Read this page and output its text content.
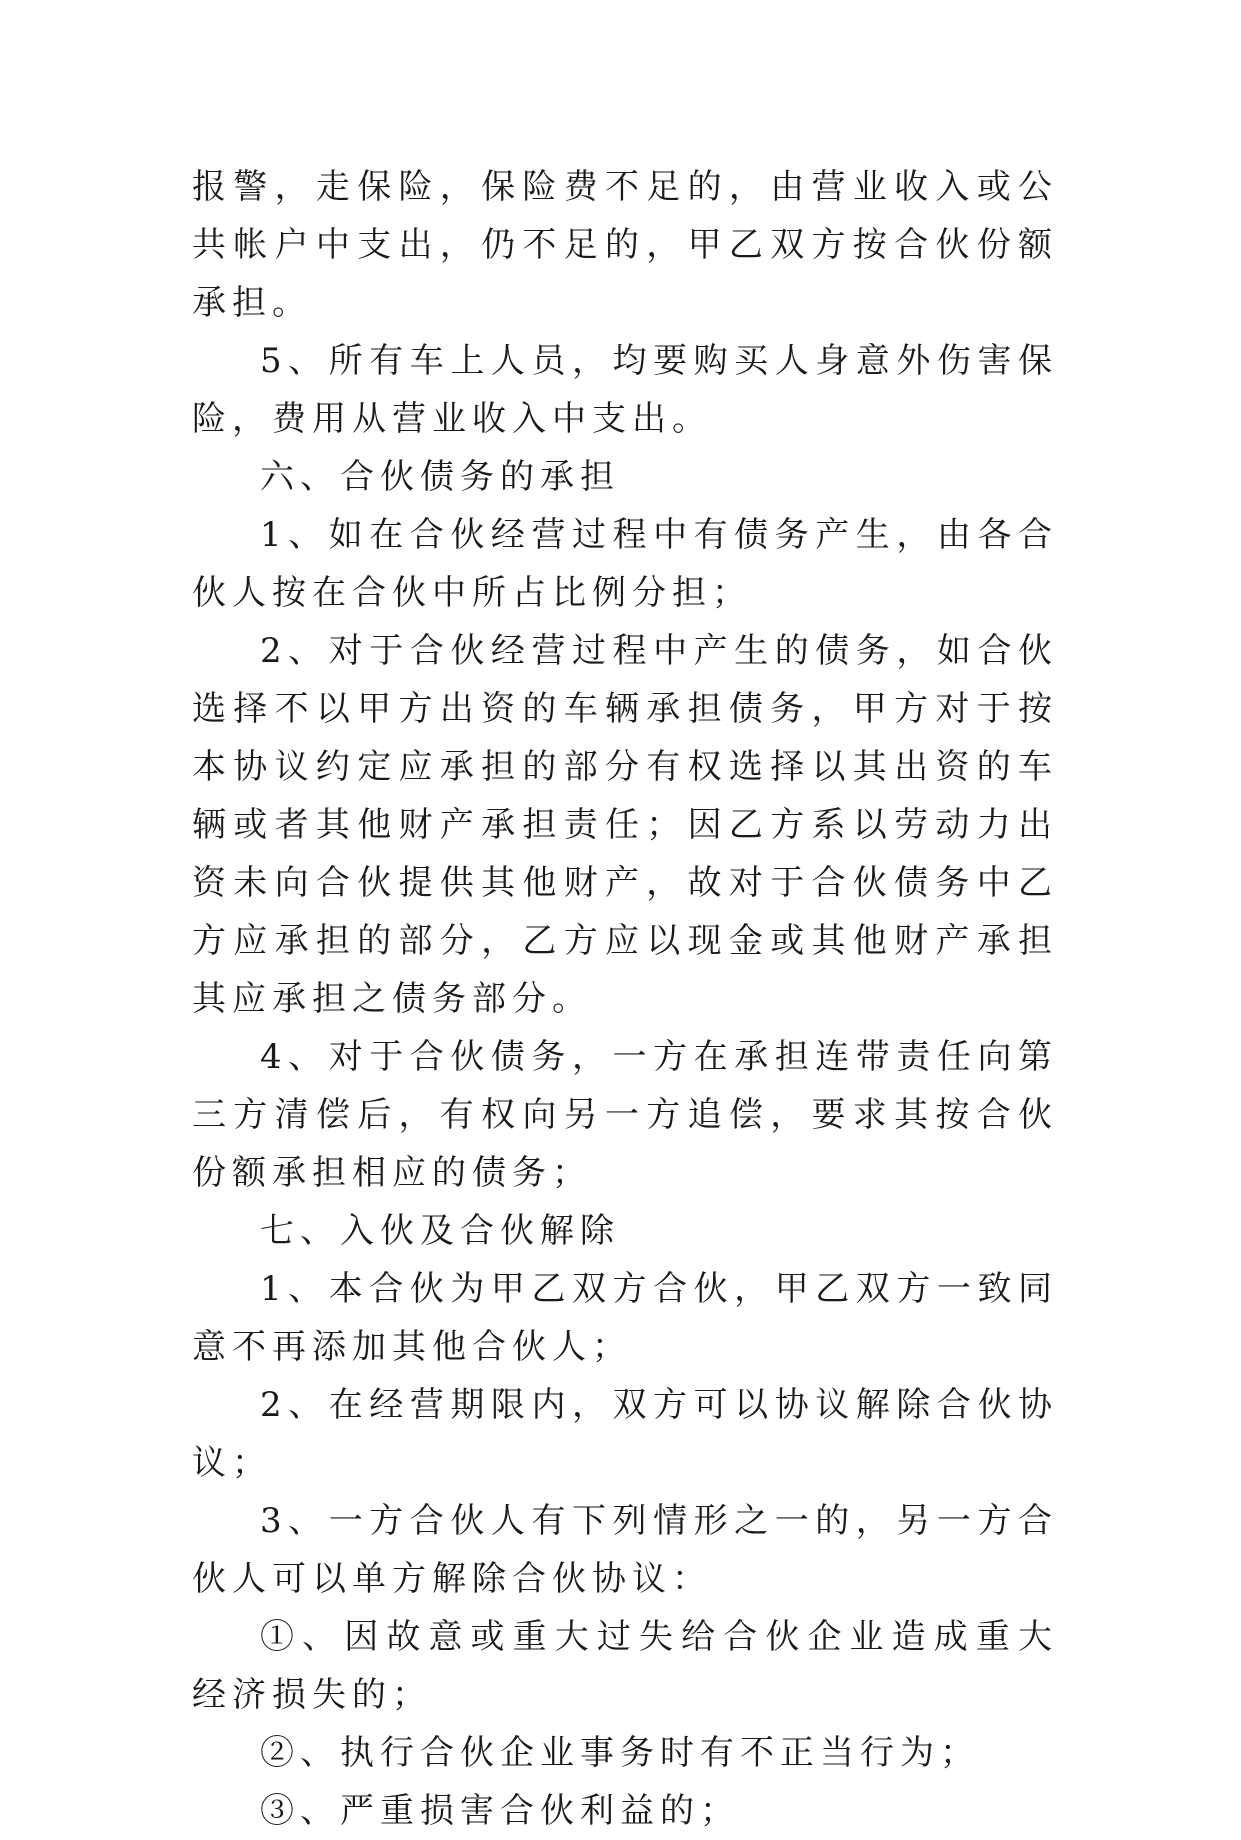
报警，走保险，保险费不足的，由营业收入或公共帐户中支出，仍不足的，甲乙双方按合伙份额承担。

5、所有车上人员，均要购买人身意外伤害保险，费用从营业收入中支出。

六、合伙债务的承担

1、如在合伙经营过程中有债务产生，由各合伙人按在合伙中所占比例分担；

2、对于合伙经营过程中产生的债务，如合伙选择不以甲方出资的车辆承担债务，甲方对于按本协议约定应承担的部分有权选择以其出资的车辆或者其他财产承担责任；因乙方系以劳动力出资未向合伙提供其他财产，故对于合伙债务中乙方应承担的部分，乙方应以现金或其他财产承担其应承担之债务部分。

4、对于合伙债务，一方在承担连带责任向第三方清偿后，有权向另一方追偿，要求其按合伙份额承担相应的债务；

七、入伙及合伙解除

1、本合伙为甲乙双方合伙，甲乙双方一致同意不再添加其他合伙人；

2、在经营期限内，双方可以协议解除合伙协议；

3、一方合伙人有下列情形之一的，另一方合伙人可以单方解除合伙协议：

①、因故意或重大过失给合伙企业造成重大经济损失的；

②、执行合伙企业事务时有不正当行为；

③、严重损害合伙利益的；
